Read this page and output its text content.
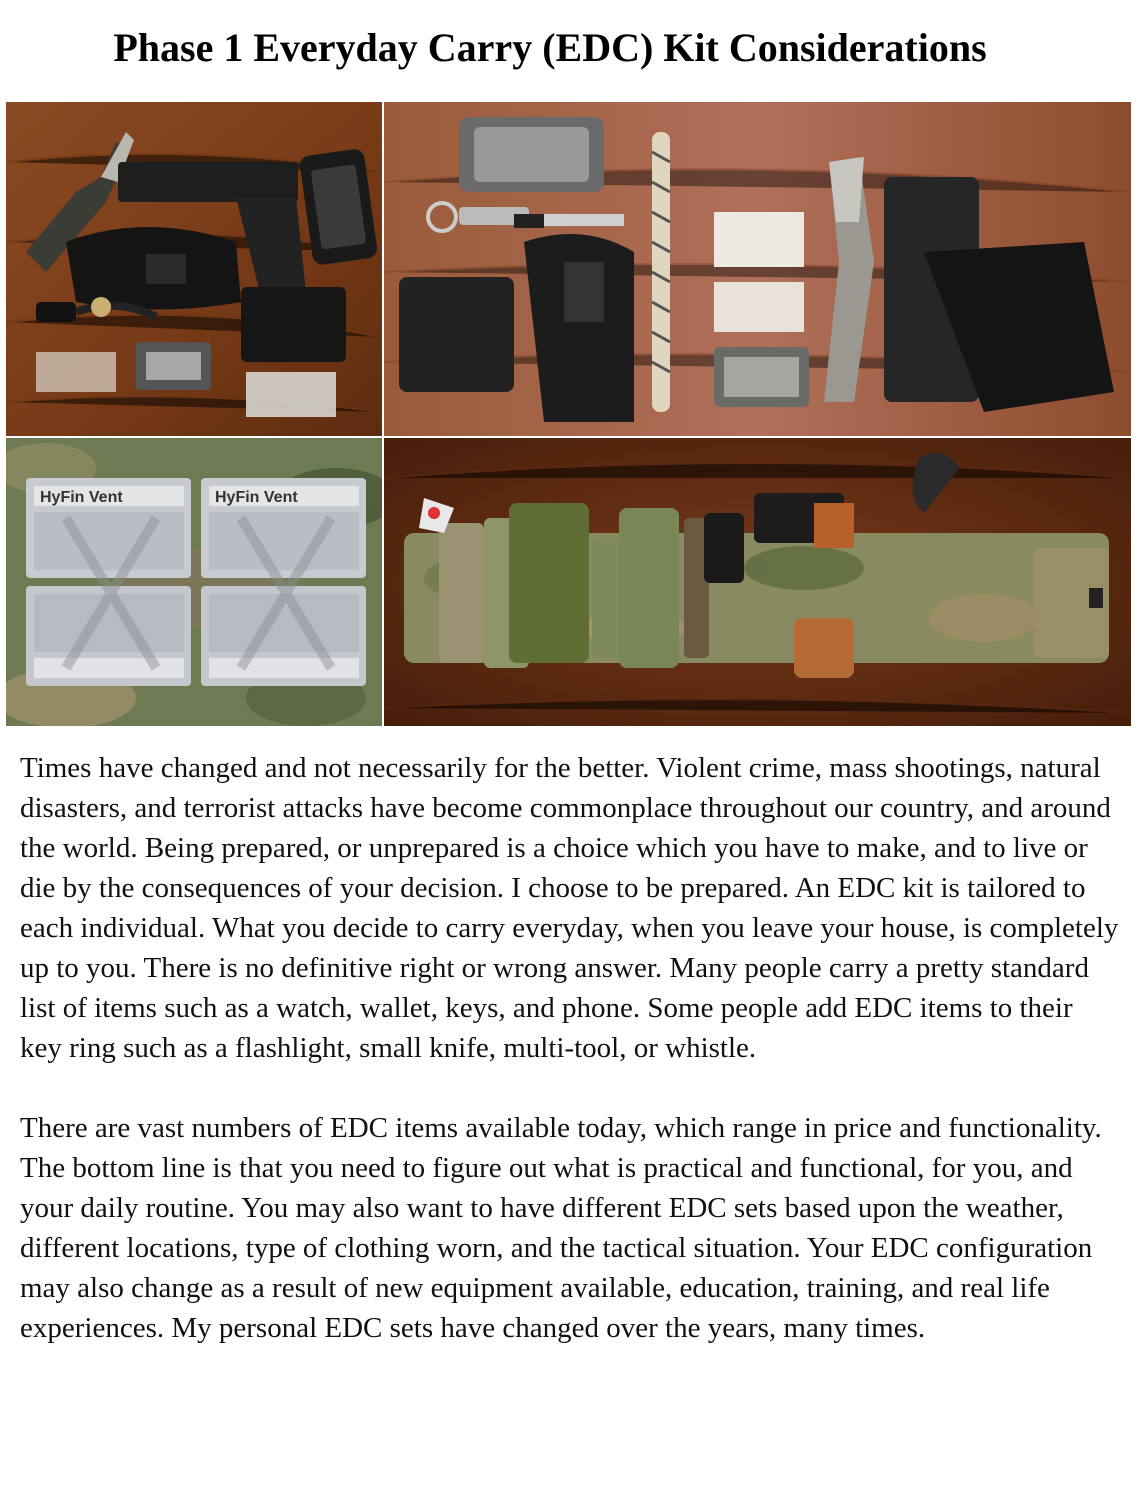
Phase 1 Everyday Carry (EDC) Kit Considerations
HyFin Vent	HyFin Vent

Times have changed and not necessarily for the better. Violent crime, mass shootings, natural disasters, and terrorist attacks have become commonplace throughout our country, and around the world. Being prepared, or unprepared is a choice which you have to make, and to live or die by the consequences of your decision. I choose to be prepared. An EDC kit is tailored to each individual. What you decide to carry everyday, when you leave your house, is completely up to you. There is no definitive right or wrong answer. Many people carry a pretty standard list of items such as a watch, wallet, keys, and phone. Some people add EDC items to their key ring such as a flashlight, small knife, multi-tool, or whistle.

There are vast numbers of EDC items available today, which range in price and functionality. The bottom line is that you need to figure out what is practical and functional, for you, and your daily routine. You may also want to have different EDC sets based upon the weather, different locations, type of clothing worn, and the tactical situation. Your EDC configuration may also change as a result of new equipment available, education, training, and real life experiences. My personal EDC sets have changed over the years, many times.
